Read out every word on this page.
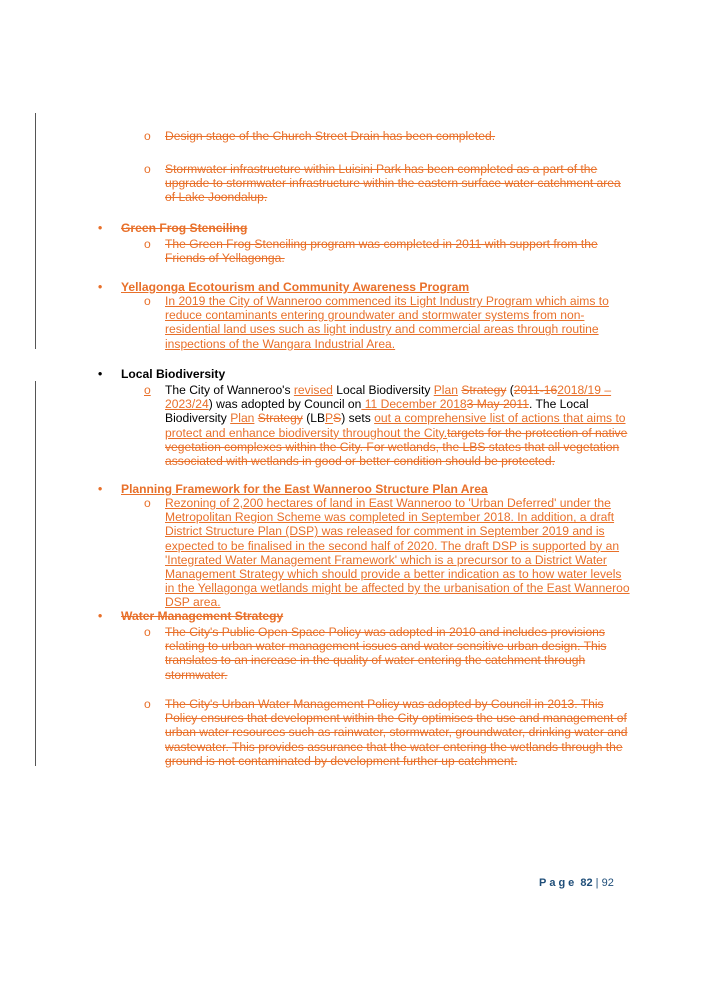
o	Design stage of the Church Street Drain has been completed.
o	Stormwater infrastructure within Luisini Park has been completed as a part of the upgrade to stormwater infrastructure within the eastern surface water catchment area of Lake Joondalup.
• Green Frog Stenciling
o	The Green Frog Stenciling program was completed in 2011 with support from the Friends of Yellagonga.
• Yellagonga Ecotourism and Community Awareness Program
o	In 2019 the City of Wanneroo commenced its Light Industry Program which aims to reduce contaminants entering groundwater and stormwater systems from non-residential land uses such as light industry and commercial areas through routine inspections of the Wangara Industrial Area.
• Local Biodiversity
o	The City of Wanneroo's revised Local Biodiversity Plan Strategy (2011-162018/19 – 2023/24) was adopted by Council on 11 December 20183 May 2011. The Local Biodiversity Plan Strategy (LBPS) sets out a comprehensive list of actions that aims to protect and enhance biodiversity throughout the City.targets for the protection of native vegetation complexes within the City. For wetlands, the LBS states that all vegetation associated with wetlands in good or better condition should be protected.
• Planning Framework for the East Wanneroo Structure Plan Area
o	Rezoning of 2,200 hectares of land in East Wanneroo to 'Urban Deferred' under the Metropolitan Region Scheme was completed in September 2018. In addition, a draft District Structure Plan (DSP) was released for comment in September 2019 and is expected to be finalised in the second half of 2020. The draft DSP is supported by an 'Integrated Water Management Framework' which is a precursor to a District Water Management Strategy which should provide a better indication as to how water levels in the Yellagonga wetlands might be affected by the urbanisation of the East Wanneroo DSP area.
• Water Management Strategy
o	The City's Public Open Space Policy was adopted in 2010 and includes provisions relating to urban water management issues and water sensitive urban design. This translates to an increase in the quality of water entering the catchment through stormwater.
o	The City's Urban Water Management Policy was adopted by Council in 2013. This Policy ensures that development within the City optimises the use and management of urban water resources such as rainwater, stormwater, groundwater, drinking water and wastewater. This provides assurance that the water entering the wetlands through the ground is not contaminated by development further up catchment.
Page 82 | 92
